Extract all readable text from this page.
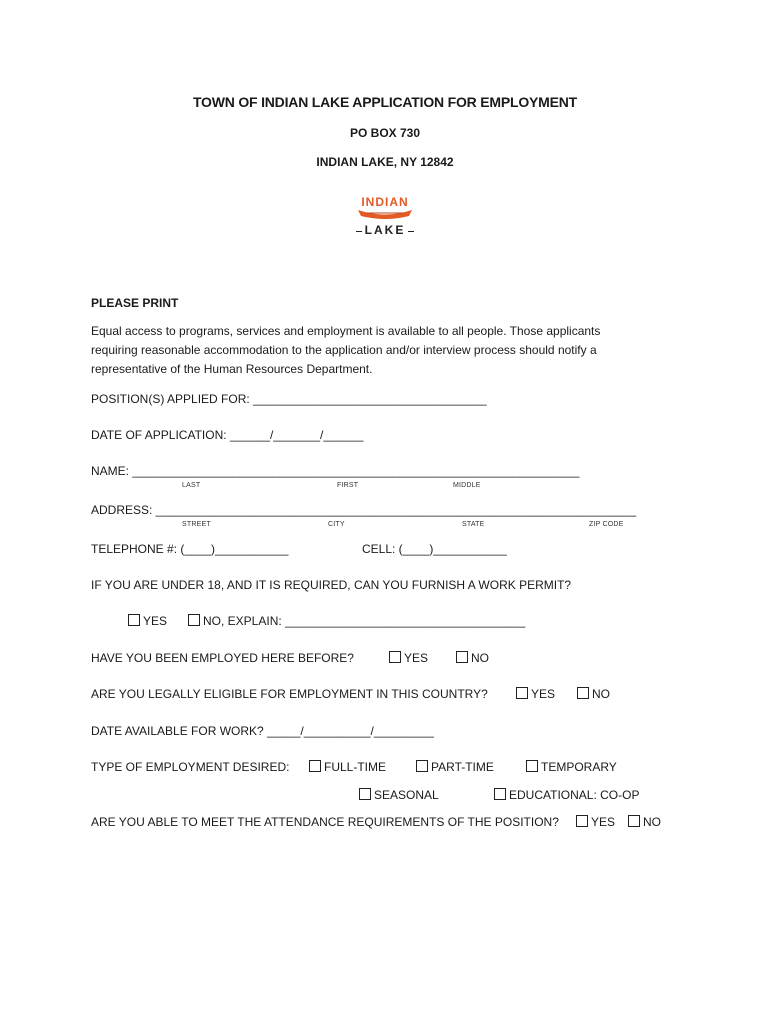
TOWN OF INDIAN LAKE APPLICATION FOR EMPLOYMENT
PO BOX 730
INDIAN LAKE, NY 12842
INDIAN
LAKE
PLEASE PRINT

Equal access to programs, services and employment is available to all people. Those applicants

requiring reasonable accommodation to the application and/or interview process should notify a

representative of the Human Resources Department.

POSITION(S) APPLIED FOR: ___________________________________
DATE OF APPLICATION: ______/_______/______
NAME: ___________________________________________________________________
LAST	FIRST	MIDDLE
ADDRESS: ________________________________________________________________________
STREET	CITY	STATE	ZIP CODE
TELEPHONE #: (____)___________	CELL: (____)___________
IF YOU ARE UNDER 18, AND IT IS REQUIRED, CAN YOU FURNISH A WORK PERMIT?
YES	NO, EXPLAIN: ____________________________________
HAVE YOU BEEN EMPLOYED HERE BEFORE?	YES	NO
ARE YOU LEGALLY ELIGIBLE FOR EMPLOYMENT IN THIS COUNTRY?	YES	NO
DATE AVAILABLE FOR WORK? _____/__________/_________
TYPE OF EMPLOYMENT DESIRED:	FULL-TIME	PART-TIME	TEMPORARY
SEASONAL	EDUCATIONAL: CO-OP
ARE YOU ABLE TO MEET THE ATTENDANCE REQUIREMENTS OF THE POSITION?	YES	NO
